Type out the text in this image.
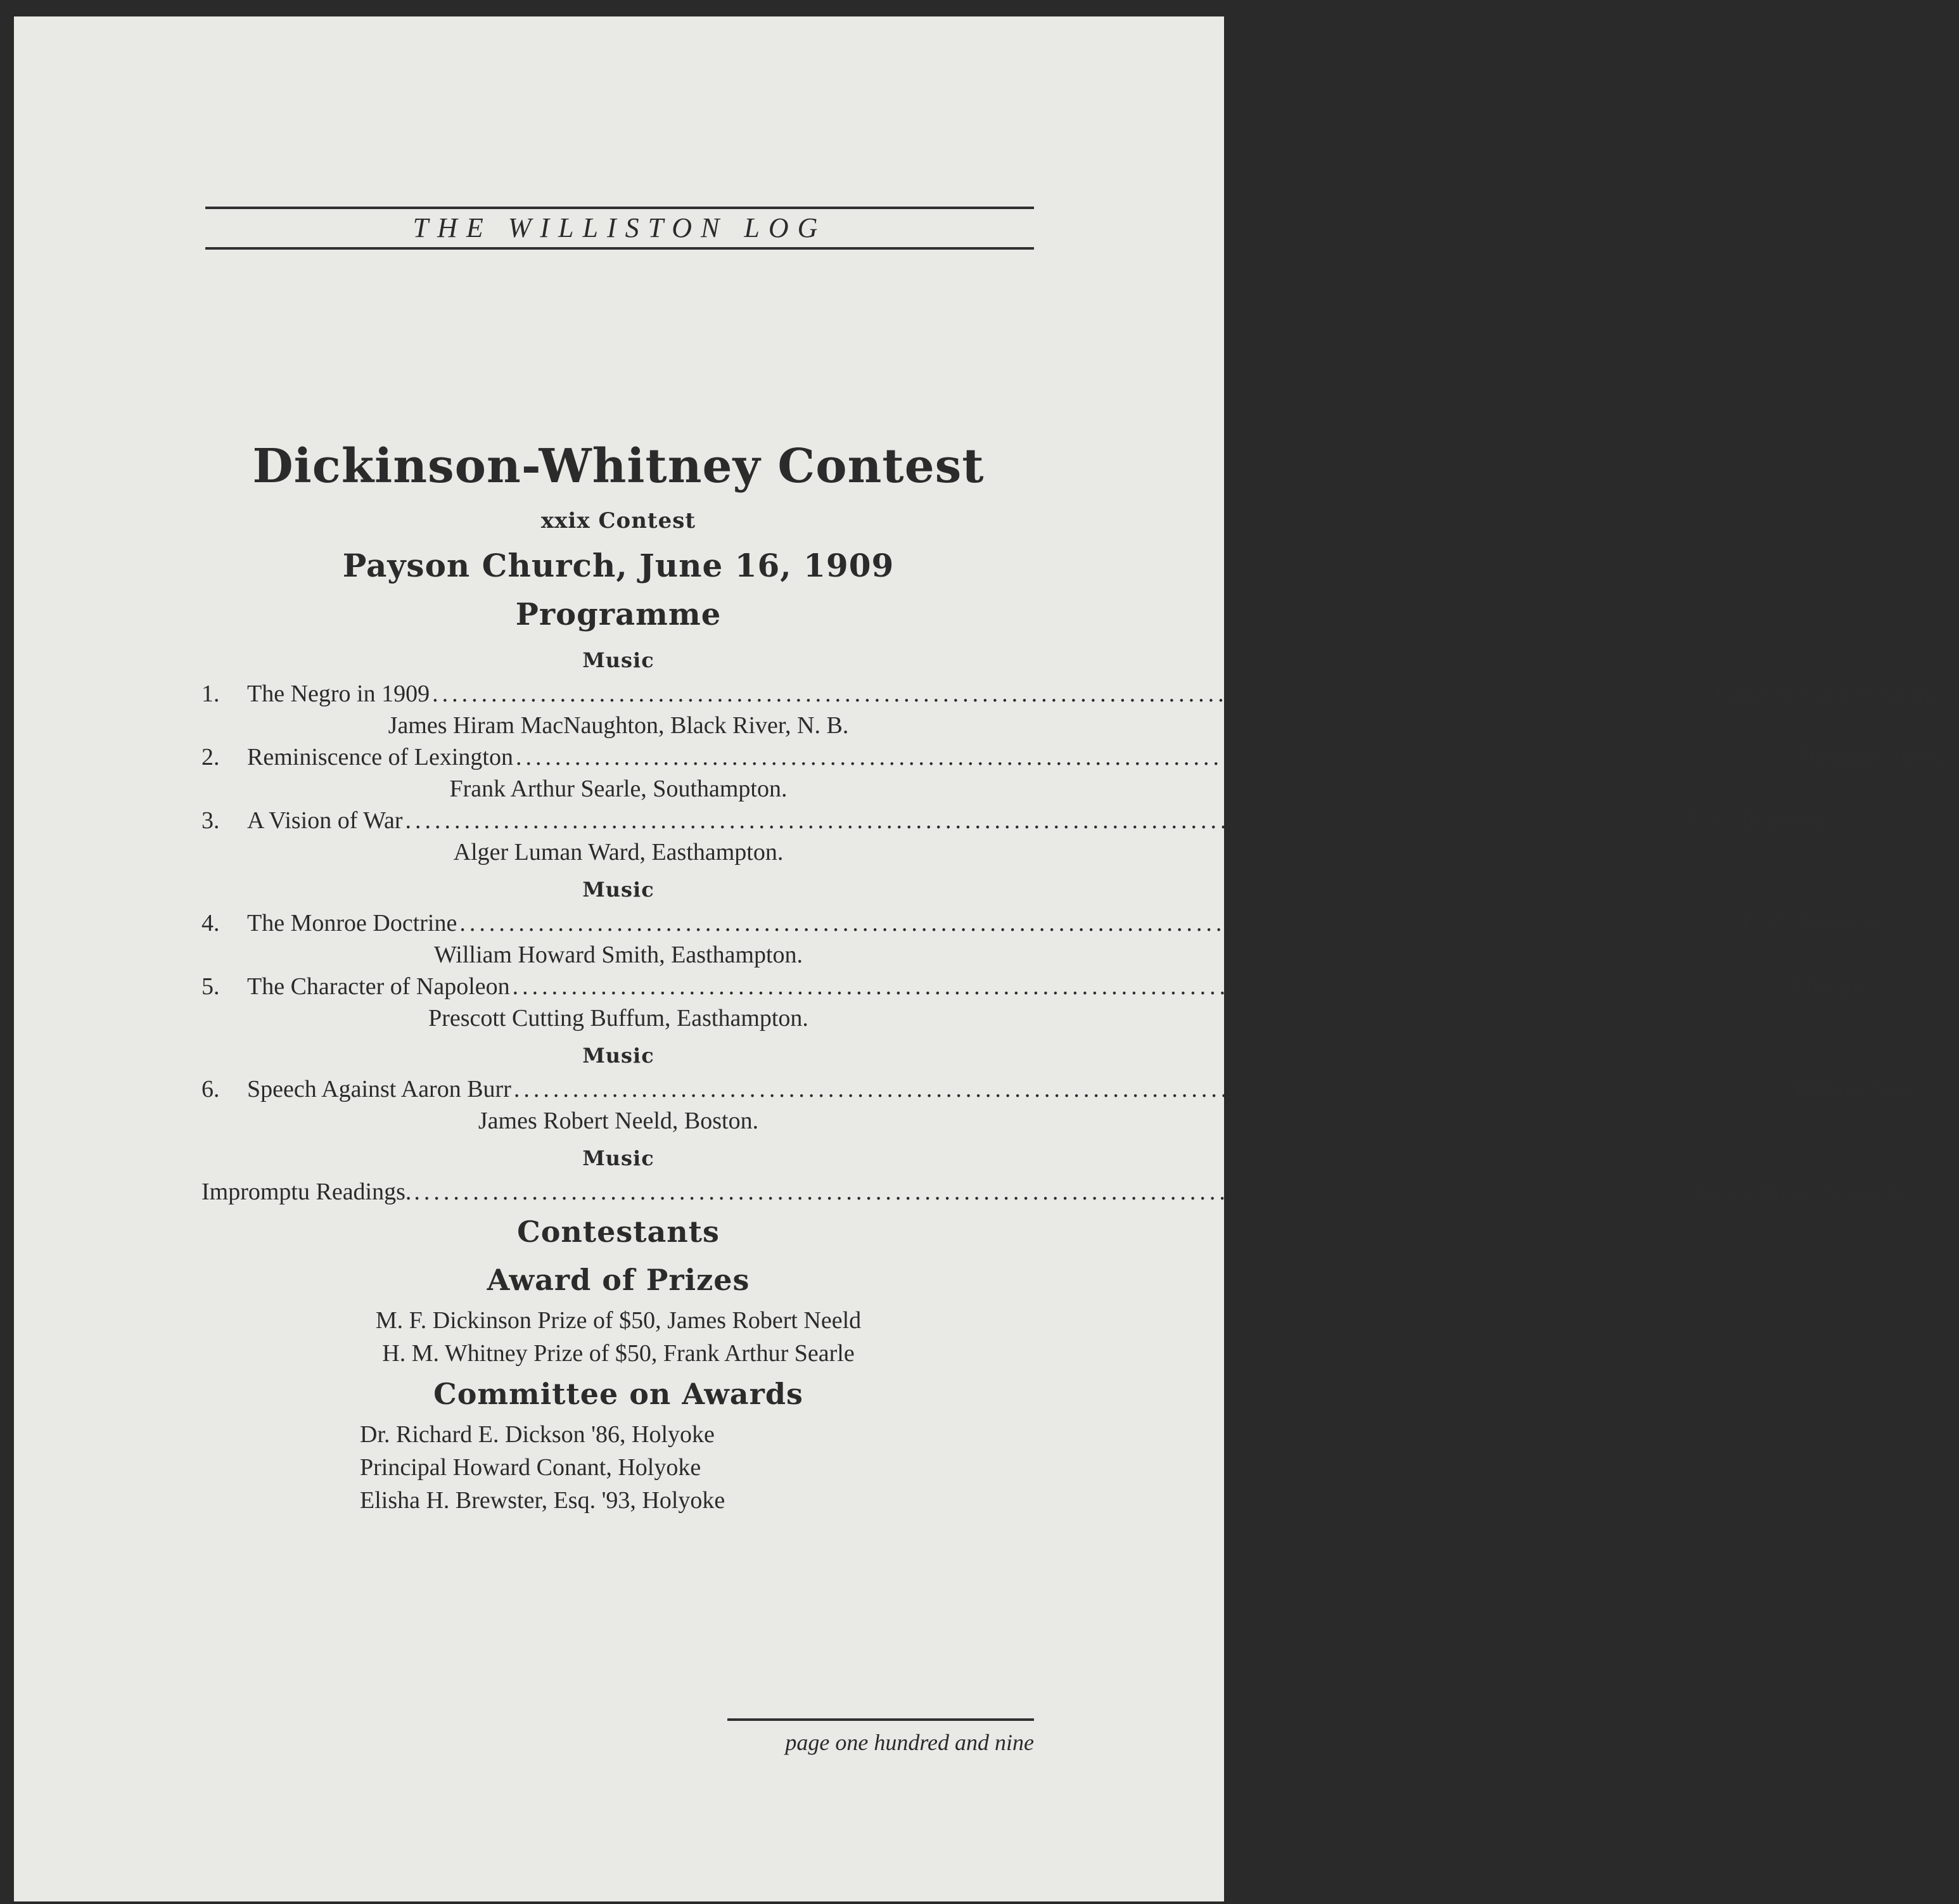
THE WILLISTON LOG
Dickinson-Whitney Contest
xxix Contest
Payson Church, June 16, 1909
Programme
Music
1.	The Negro in 1909 .................................................................................................................................. Judge Wendell P. Stafford
James Hiram MacNaughton, Black River, N. B.
2.	Reminiscence of Lexington .................................................................................................................................. Theodore Parker
Frank Arthur Searle, Southampton.
3.	A Vision of War .................................................................................................................................. R. G. Ingersoll
Alger Luman Ward, Easthampton.
Music
4.	The Monroe Doctrine .................................................................................................................................. J. M. Thurston
William Howard Smith, Easthampton.
5.	The Character of Napoleon .................................................................................................................................. Phillips
Prescott Cutting Buffum, Easthampton.
Music
6.	Speech Against Aaron Burr .................................................................................................................................. William Wirt
James Robert Neeld, Boston.
Music
Impromptu Readings. .................................................................................................................................. James Russell Lowell
Contestants
Award of Prizes
M. F. Dickinson Prize of $50, James Robert Neeld
H. M. Whitney Prize of $50, Frank Arthur Searle
Committee on Awards
Dr. Richard E. Dickson '86, Holyoke
Principal Howard Conant, Holyoke
Elisha H. Brewster, Esq. '93, Holyoke
page one hundred and nine
